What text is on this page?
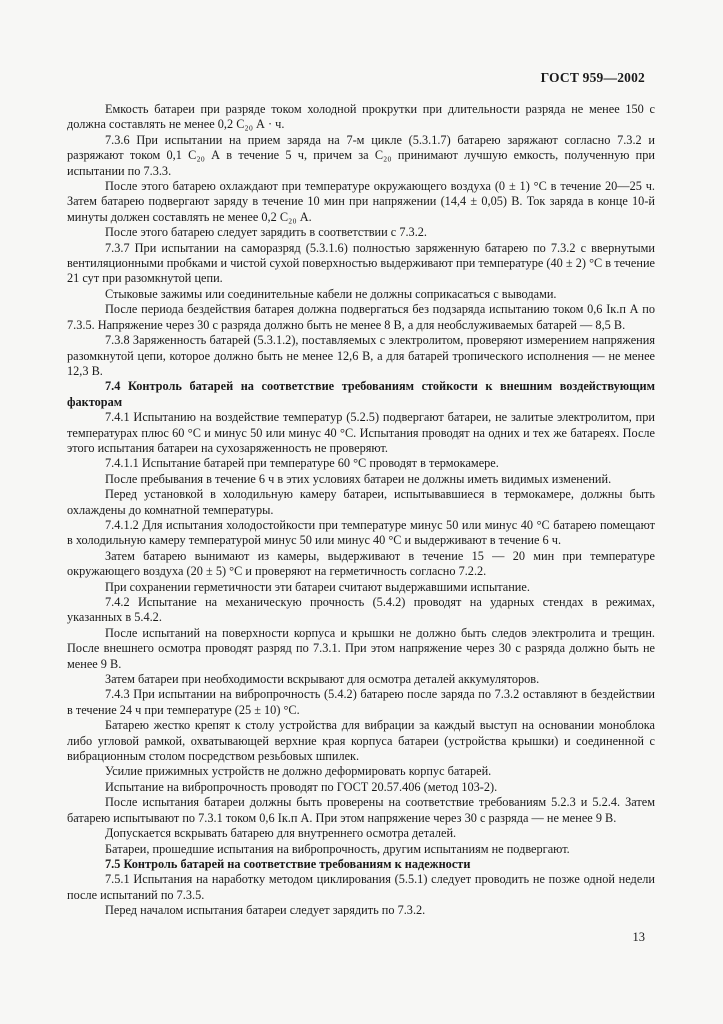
ГОСТ 959—2002

Емкость батареи при разряде током холодной прокрутки при длительности разряда не менее 150 с должна составлять не менее 0,2 C₂₀ А · ч.

7.3.6 При испытании на прием заряда на 7-м цикле (5.3.1.7) батарею заряжают согласно 7.3.2 и разряжают током 0,1 C₂₀ А в течение 5 ч, причем за C₂₀ принимают лучшую емкость, полученную при испытании по 7.3.3.

После этого батарею охлаждают при температуре окружающего воздуха (0 ± 1) °С в течение 20—25 ч. Затем батарею подвергают заряду в течение 10 мин при напряжении (14,4 ± 0,05) В. Ток заряда в конце 10-й минуты должен составлять не менее 0,2 C₂₀ А.

После этого батарею следует зарядить в соответствии с 7.3.2.

7.3.7 При испытании на саморазряд (5.3.1.6) полностью заряженную батарею по 7.3.2 с ввернутыми вентиляционными пробками и чистой сухой поверхностью выдерживают при температуре (40 ± 2) °С в течение 21 сут при разомкнутой цепи.

Стыковые зажимы или соединительные кабели не должны соприкасаться с выводами.

После периода бездействия батарея должна подвергаться без подзаряда испытанию током 0,6 Iк.п А по 7.3.5. Напряжение через 30 с разряда должно быть не менее 8 В, а для необслуживаемых батарей — 8,5 В.

7.3.8 Заряженность батарей (5.3.1.2), поставляемых с электролитом, проверяют измерением напряжения разомкнутой цепи, которое должно быть не менее 12,6 В, а для батарей тропического исполнения — не менее 12,3 В.

7.4 Контроль батарей на соответствие требованиям стойкости к внешним воздействующим факторам

7.4.1 Испытанию на воздействие температур (5.2.5) подвергают батареи, не залитые электролитом, при температурах плюс 60 °С и минус 50 или минус 40 °С. Испытания проводят на одних и тех же батареях. После этого испытания батареи на сухозаряженность не проверяют.

7.4.1.1 Испытание батарей при температуре 60 °С проводят в термокамере.

После пребывания в течение 6 ч в этих условиях батареи не должны иметь видимых изменений.

Перед установкой в холодильную камеру батареи, испытывавшиеся в термокамере, должны быть охлаждены до комнатной температуры.

7.4.1.2 Для испытания холодостойкости при температуре минус 50 или минус 40 °С батарею помещают в холодильную камеру температурой минус 50 или минус 40 °С и выдерживают в течение 6 ч.

Затем батарею вынимают из камеры, выдерживают в течение 15 — 20 мин при температуре окружающего воздуха (20 ± 5) °С и проверяют на герметичность согласно 7.2.2.

При сохранении герметичности эти батареи считают выдержавшими испытание.

7.4.2 Испытание на механическую прочность (5.4.2) проводят на ударных стендах в режимах, указанных в 5.4.2.

После испытаний на поверхности корпуса и крышки не должно быть следов электролита и трещин. После внешнего осмотра проводят разряд по 7.3.1. При этом напряжение через 30 с разряда должно быть не менее 9 В.

Затем батареи при необходимости вскрывают для осмотра деталей аккумуляторов.

7.4.3 При испытании на вибропрочность (5.4.2) батарею после заряда по 7.3.2 оставляют в бездействии в течение 24 ч при температуре (25 ± 10) °С.

Батарею жестко крепят к столу устройства для вибрации за каждый выступ на основании моноблока либо угловой рамкой, охватывающей верхние края корпуса батареи (устройства крышки) и соединенной с вибрационным столом посредством резьбовых шпилек.

Усилие прижимных устройств не должно деформировать корпус батарей.

Испытание на вибропрочность проводят по ГОСТ 20.57.406 (метод 103-2).

После испытания батареи должны быть проверены на соответствие требованиям 5.2.3 и 5.2.4. Затем батарею испытывают по 7.3.1 током 0,6 Iк.п А. При этом напряжение через 30 с разряда — не менее 9 В.

Допускается вскрывать батарею для внутреннего осмотра деталей.

Батареи, прошедшие испытания на вибропрочность, другим испытаниям не подвергают.

7.5 Контроль батарей на соответствие требованиям к надежности

7.5.1 Испытания на наработку методом циклирования (5.5.1) следует проводить не позже одной недели после испытаний по 7.3.5.

Перед началом испытания батареи следует зарядить по 7.3.2.

13
